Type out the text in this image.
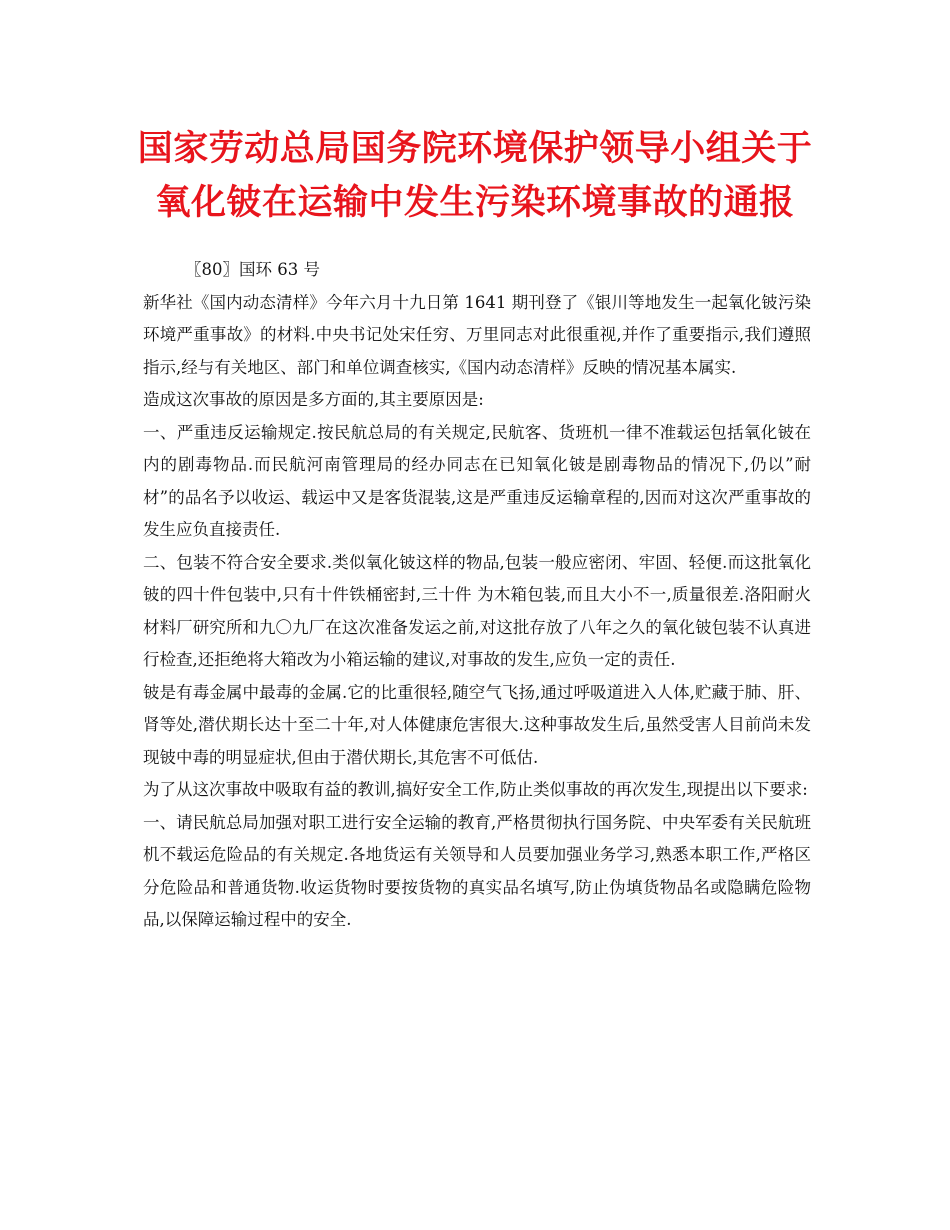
国家劳动总局国务院环境保护领导小组关于
氧化铍在运输中发生污染环境事故的通报

〖80〗国环 63 号

新华社《国内动态清样》今年六月十九日第 1641 期刊登了《银川等地发生一起氧化铍污染环境严重事故》的材料.中央书记处宋任穷、万里同志对此很重视,并作了重要指示,我们遵照指示,经与有关地区、部门和单位调查核实,《国内动态清样》反映的情况基本属实.

造成这次事故的原因是多方面的,其主要原因是:

一、严重违反运输规定.按民航总局的有关规定,民航客、货班机一律不准载运包括氧化铍在内的剧毒物品.而民航河南管理局的经办同志在已知氧化铍是剧毒物品的情况下,仍以”耐材”的品名予以收运、载运中又是客货混装,这是严重违反运输章程的,因而对这次严重事故的发生应负直接责任.

二、包装不符合安全要求.类似氧化铍这样的物品,包装一般应密闭、牢固、轻便.而这批氧化铍的四十件包装中,只有十件铁桶密封,三十件 为木箱包装,而且大小不一,质量很差.洛阳耐火材料厂研究所和九〇九厂在这次准备发运之前,对这批存放了八年之久的氧化铍包装不认真进行检查,还拒绝将大箱改为小箱运输的建议,对事故的发生,应负一定的责任.

铍是有毒金属中最毒的金属.它的比重很轻,随空气飞扬,通过呼吸道进入人体,贮藏于肺、肝、肾等处,潜伏期长达十至二十年,对人体健康危害很大.这种事故发生后,虽然受害人目前尚未发现铍中毒的明显症状,但由于潜伏期长,其危害不可低估.

为了从这次事故中吸取有益的教训,搞好安全工作,防止类似事故的再次发生,现提出以下要求:

一、请民航总局加强对职工进行安全运输的教育,严格贯彻执行国务院、中央军委有关民航班机不载运危险品的有关规定.各地货运有关领导和人员要加强业务学习,熟悉本职工作,严格区分危险品和普通货物.收运货物时要按货物的真实品名填写,防止伪填货物品名或隐瞒危险物品,以保障运输过程中的安全.
